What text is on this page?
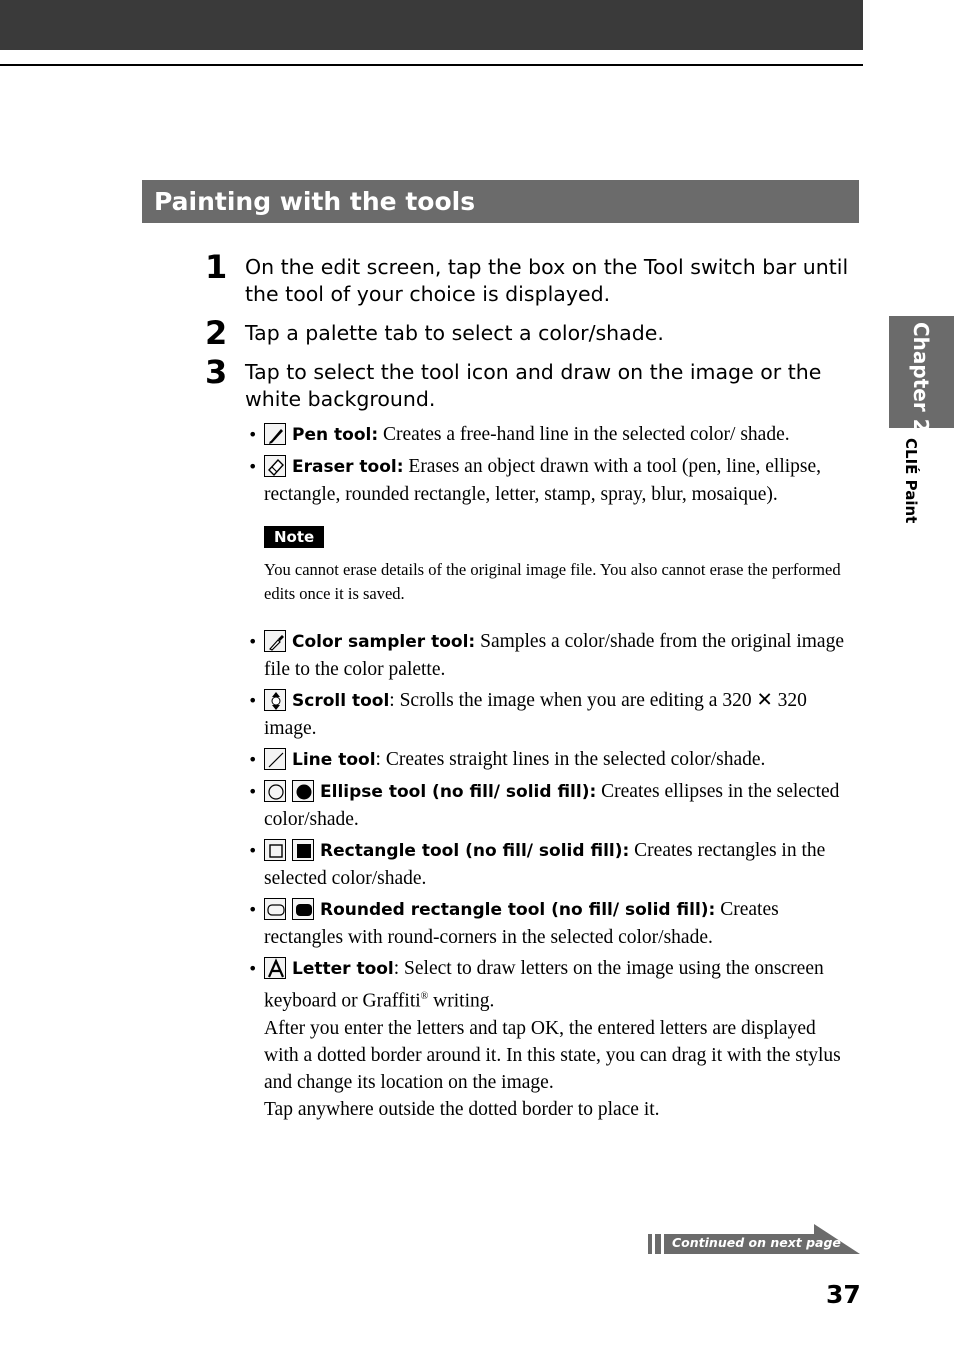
Painting with the tools
1 On the edit screen, tap the box on the Tool switch bar until the tool of your choice is displayed.
2 Tap a palette tab to select a color/shade.
3 Tap to select the tool icon and draw on the image or the white background.
• Pen tool: Creates a free-hand line in the selected color/ shade.
• Eraser tool: Erases an object drawn with a tool (pen, line, ellipse, rectangle, rounded rectangle, letter, stamp, spray, blur, mosaique).
Note
You cannot erase details of the original image file. You also cannot erase the performed edits once it is saved.
• Color sampler tool: Samples a color/shade from the original image file to the color palette.
• Scroll tool: Scrolls the image when you are editing a 320 ✕ 320 image.
• Line tool: Creates straight lines in the selected color/shade.
•	Ellipse tool (no fill/ solid fill): Creates ellipses in the selected color/shade.
•	Rectangle tool (no fill/ solid fill): Creates rectangles in the selected color/shade.
•	Rounded rectangle tool (no fill/ solid fill): Creates rectangles with round-corners in the selected color/shade.
• Letter tool: Select to draw letters on the image using the onscreen keyboard or Graffiti® writing.
After you enter the letters and tap OK, the entered letters are displayed with a dotted border around it. In this state, you can drag it with the stylus and change its location on the image.
Tap anywhere outside the dotted border to place it.
Chapter 2
CLIÉ Paint
Continued on next page
37
